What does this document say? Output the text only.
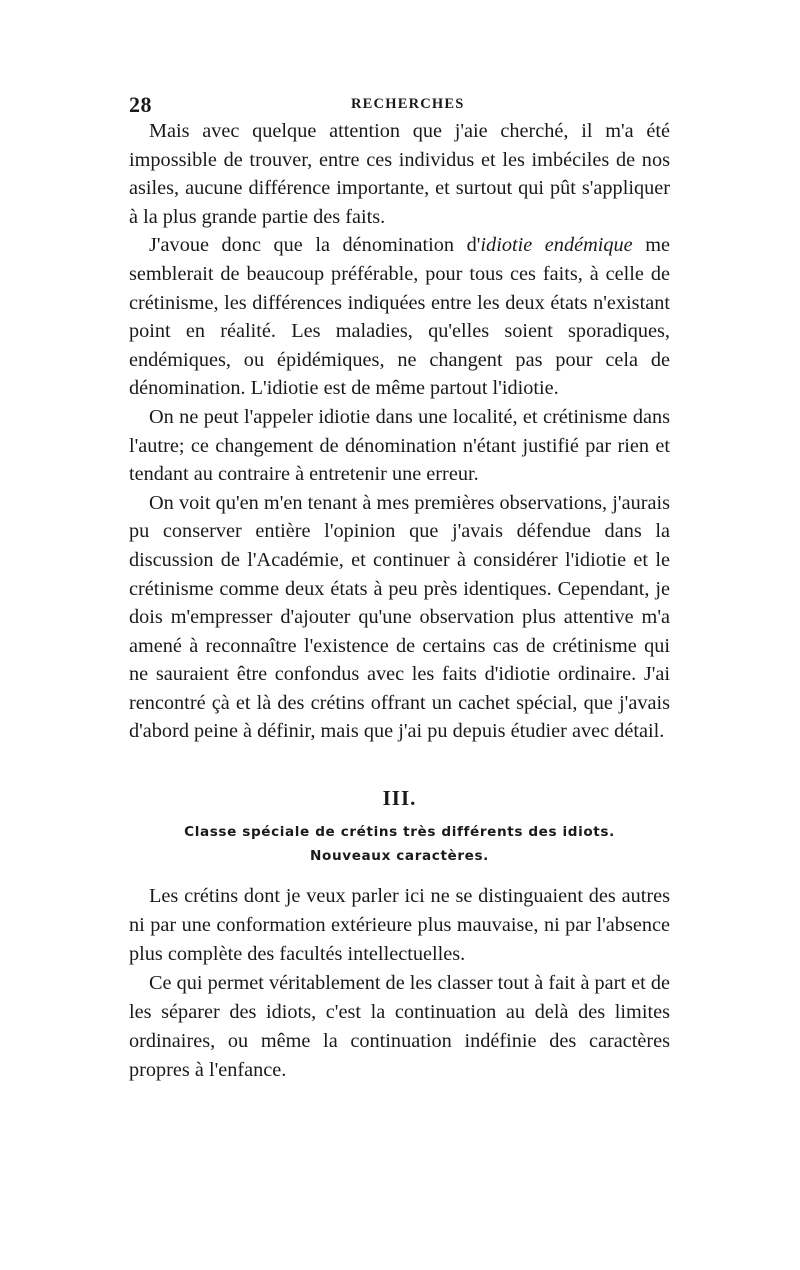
28	RECHERCHES

Mais avec quelque attention que j'aie cherché, il m'a été impossible de trouver, entre ces individus et les imbéciles de nos asiles, aucune différence importante, et surtout qui pût s'appliquer à la plus grande partie des faits.

J'avoue donc que la dénomination d'idiotie endémique me semblerait de beaucoup préférable, pour tous ces faits, à celle de crétinisme, les différences indiquées entre les deux états n'existant point en réalité. Les maladies, qu'elles soient sporadiques, endémiques, ou épidémiques, ne changent pas pour cela de dénomination. L'idiotie est de même partout l'idiotie.

On ne peut l'appeler idiotie dans une localité, et crétinisme dans l'autre; ce changement de dénomination n'étant justifié par rien et tendant au contraire à entretenir une erreur.

On voit qu'en m'en tenant à mes premières observations, j'aurais pu conserver entière l'opinion que j'avais défendue dans la discussion de l'Académie, et continuer à considérer l'idiotie et le crétinisme comme deux états à peu près identiques. Cependant, je dois m'empresser d'ajouter qu'une observation plus attentive m'a amené à reconnaître l'existence de certains cas de crétinisme qui ne sauraient être confondus avec les faits d'idiotie ordinaire. J'ai rencontré çà et là des crétins offrant un cachet spécial, que j'avais d'abord peine à définir, mais que j'ai pu depuis étudier avec détail.

III.
Classe spéciale de crétins très différents des idiots.
Nouveaux caractères.

Les crétins dont je veux parler ici ne se distinguaient des autres ni par une conformation extérieure plus mauvaise, ni par l'absence plus complète des facultés intellectuelles.

Ce qui permet véritablement de les classer tout à fait à part et de les séparer des idiots, c'est la continuation au delà des limites ordinaires, ou même la continuation indéfinie des caractères propres à l'enfance.
